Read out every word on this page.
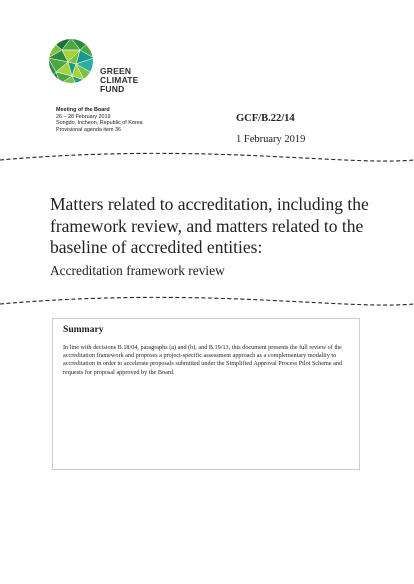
GREEN
CLIMATE
FUND
Meeting of the Board
26 – 28 February 2019
Songdo, Incheon, Republic of Korea
Provisional agenda item 36
GCF/B.22/14
1 February 2019
Matters related to accreditation, including the framework review, and matters related to the baseline of accredited entities:
Accreditation framework review
Summary
In line with decisions B.18/04, paragraphs (a) and (b), and B.19/13, this document presents the full review of the accreditation framework and proposes a project-specific assessment approach as a complementary modality to accreditation in order to accelerate proposals submitted under the Simplified Approval Process Pilot Scheme and requests for proposal approved by the Board.
